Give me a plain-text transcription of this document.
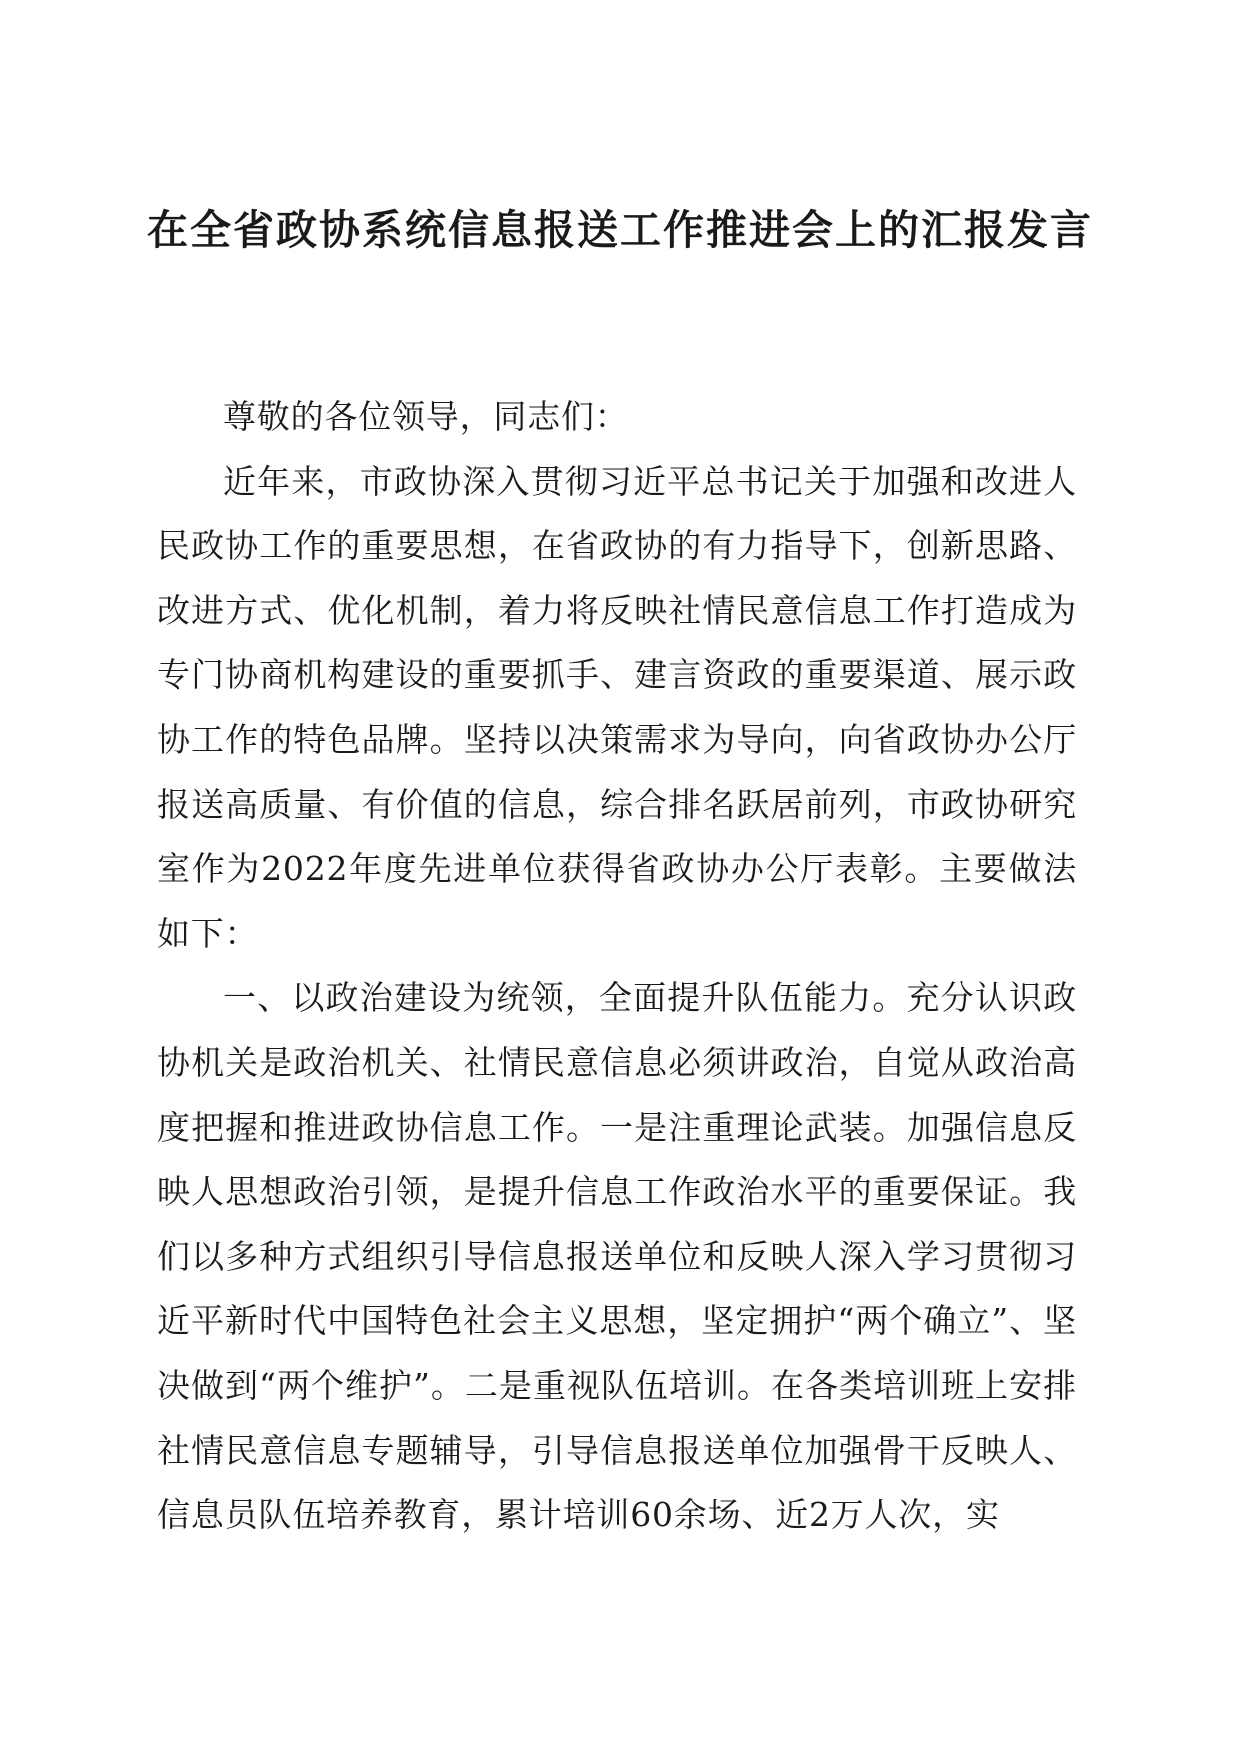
在全省政协系统信息报送工作推进会上的汇报发言

尊敬的各位领导，同志们：

近年来，市政协深入贯彻习近平总书记关于加强和改进人民政协工作的重要思想，在省政协的有力指导下，创新思路、改进方式、优化机制，着力将反映社情民意信息工作打造成为专门协商机构建设的重要抓手、建言资政的重要渠道、展示政协工作的特色品牌。坚持以决策需求为导向，向省政协办公厅报送高质量、有价值的信息，综合排名跃居前列，市政协研究室作为2022年度先进单位获得省政协办公厅表彰。主要做法如下：

一、以政治建设为统领，全面提升队伍能力。充分认识政协机关是政治机关、社情民意信息必须讲政治，自觉从政治高度把握和推进政协信息工作。一是注重理论武装。加强信息反映人思想政治引领，是提升信息工作政治水平的重要保证。我们以多种方式组织引导信息报送单位和反映人深入学习贯彻习近平新时代中国特色社会主义思想，坚定拥护“两个确立”、坚决做到“两个维护”。二是重视队伍培训。在各类培训班上安排社情民意信息专题辅导，引导信息报送单位加强骨干反映人、信息员队伍培养教育，累计培训60余场、近2万人次，实
